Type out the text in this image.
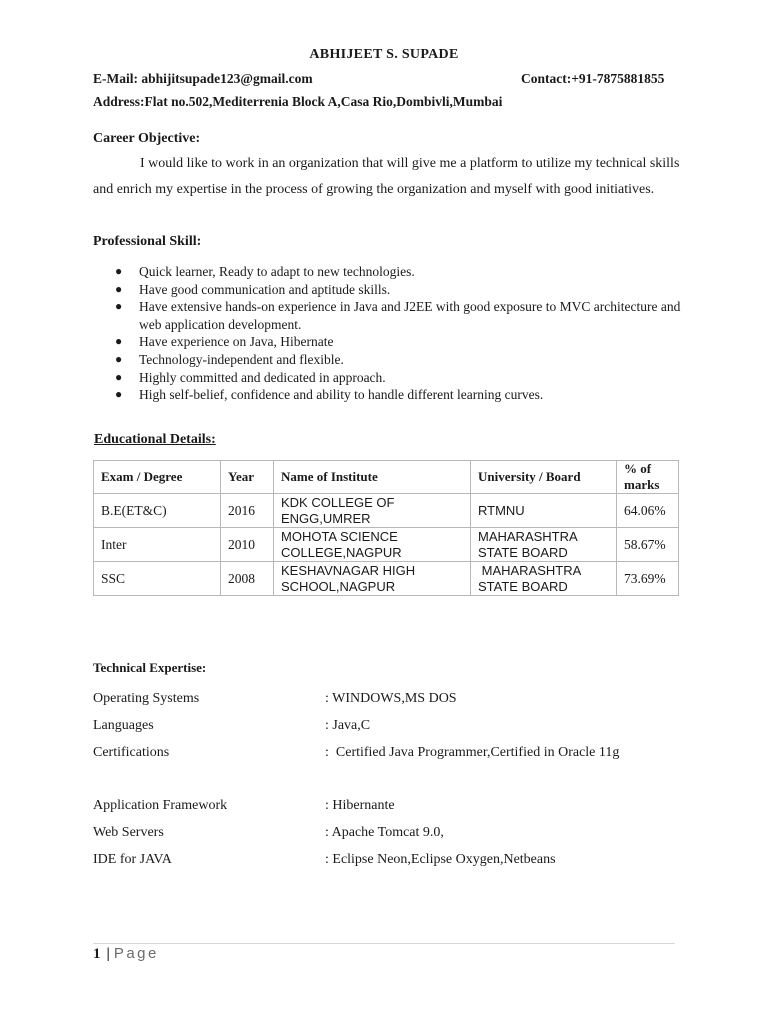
ABHIJEET S. SUPADE
E-Mail: abhijitsupade123@gmail.com	Contact:+91-7875881855
Address:Flat no.502,Mediterrenia Block A,Casa Rio,Dombivli,Mumbai
Career Objective:

I would like to work in an organization that will give me a platform to utilize my technical skills and enrich my expertise in the process of growing the organization and myself with good initiatives.

Professional Skill:
● Quick learner, Ready to adapt to new technologies.
● Have good communication and aptitude skills.
● Have extensive hands-on experience in Java and J2EE with good exposure to MVC architecture and web application development.
● Have experience on Java, Hibernate
● Technology-independent and flexible.
● Highly committed and dedicated in approach.
● High self-belief, confidence and ability to handle different learning curves.
Educational Details:
Exam / Degree	Year	Name of Institute	University / Board	% of marks
B.E(ET&C)	2016	KDK COLLEGE OF ENGG,UMRER	RTMNU	64.06%
Inter	2010	MOHOTA SCIENCE COLLEGE,NAGPUR	MAHARASHTRA STATE BOARD	58.67%
SSC	2008	KESHAVNAGAR HIGH SCHOOL,NAGPUR	MAHARASHTRA STATE BOARD	73.69%
Technical Expertise:
Operating Systems	: WINDOWS,MS DOS
Languages	: Java,C
Certifications	:  Certified Java Programmer,Certified in Oracle 11g
Application Framework	: Hibernante
Web Servers	: Apache Tomcat 9.0,
IDE for JAVA	: Eclipse Neon,Eclipse Oxygen,Netbeans
1 | Page
